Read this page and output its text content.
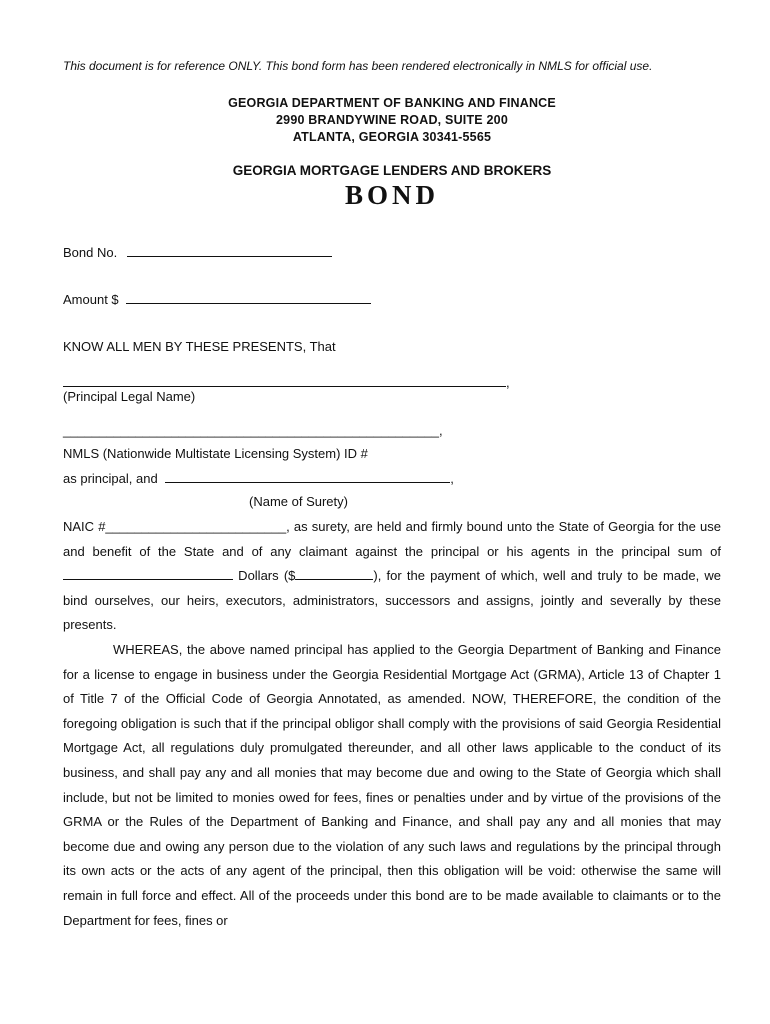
This document is for reference ONLY. This bond form has been rendered electronically in NMLS for official use.
GEORGIA DEPARTMENT OF BANKING AND FINANCE
2990 BRANDYWINE ROAD, SUITE 200
ATLANTA, GEORGIA 30341-5565
GEORGIA MORTGAGE LENDERS AND BROKERS
BOND
Bond No.
Amount $
KNOW ALL MEN BY THESE PRESENTS, That
,
(Principal Legal Name)
____________________________________________________,
NMLS (Nationwide Multistate Licensing System) ID #
as principal, and	,
(Name of Surety)

NAIC #_________________________, as surety, are held and firmly bound unto the State of Georgia for the use and benefit of the State and of any claimant against the principal or his agents in the principal sum of  Dollars ($	), for the payment of which, well and truly to be made, we bind ourselves, our heirs, executors, administrators, successors and assigns, jointly and severally by these presents.

WHEREAS, the above named principal has applied to the Georgia Department of Banking and Finance for a license to engage in business under the Georgia Residential Mortgage Act (GRMA), Article 13 of Chapter 1 of Title 7 of the Official Code of Georgia Annotated, as amended. NOW, THEREFORE, the condition of the foregoing obligation is such that if the principal obligor shall comply with the provisions of said Georgia Residential Mortgage Act, all regulations duly promulgated thereunder, and all other laws applicable to the conduct of its business, and shall pay any and all monies that may become due and owing to the State of Georgia which shall include, but not be limited to monies owed for fees, fines or penalties under and by virtue of the provisions of the GRMA or the Rules of the Department of Banking and Finance, and shall pay any and all monies that may become due and owing any person due to the violation of any such laws and regulations by the principal through its own acts or the acts of any agent of the principal, then this obligation will be void: otherwise the same will remain in full force and effect. All of the proceeds under this bond are to be made available to claimants or to the Department for fees, fines or
